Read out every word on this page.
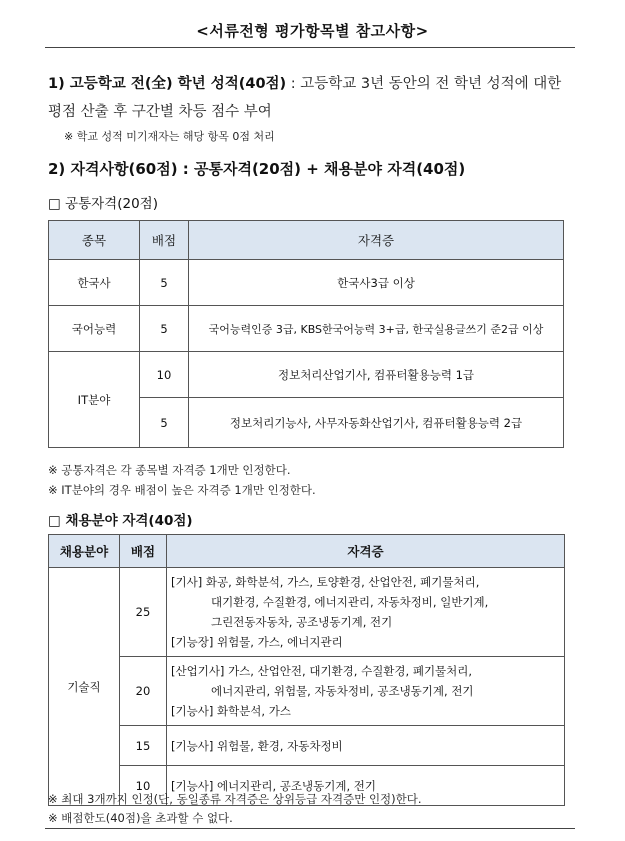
<서류전형 평가항목별 참고사항>
1) 고등학교 전(全) 학년 성적(40점) : 고등학교 3년 동안의 전 학년 성적에 대한 평점 산출 후 구간별 차등 점수 부여
※ 학교 성적 미기재자는 해당 항목 0점 처리
2) 자격사항(60점) : 공통자격(20점) + 채용분야 자격(40점)
□ 공통자격(20점)
종목	배점	자격증
한국사	5	한국사3급 이상
국어능력	5	국어능력인증 3급, KBS한국어능력 3+급, 한국실용글쓰기 준2급 이상
IT분야	10	정보처리산업기사, 컴퓨터활용능력 1급
	5	정보처리기능사, 사무자동화산업기사, 컴퓨터활용능력 2급
※ 공통자격은 각 종목별 자격증 1개만 인정한다.
※ IT분야의 경우 배점이 높은 자격증 1개만 인정한다.
□ 채용분야 자격(40점)
채용분야	배점	자격증
기술직	25	[기사] 화공, 화학분석, 가스, 토양환경, 산업안전, 폐기물처리,
대기환경, 수질환경, 에너지관리, 자동차정비, 일반기계,
그린전동자동차, 공조냉동기계, 전기
[기능장] 위험물, 가스, 에너지관리

	20	[산업기사] 가스, 산업안전, 대기환경, 수질환경, 폐기물처리,
에너지관리, 위험물, 자동차정비, 공조냉동기계, 전기
[기능사] 화학분석, 가스

	15	[기능사] 위험물, 환경, 자동차정비

	10	[기능사] 에너지관리, 공조냉동기계, 전기
※ 최대 3개까지 인정(단, 동일종류 자격증은 상위등급 자격증만 인정)한다.
※ 배점한도(40점)을 초과할 수 없다.
